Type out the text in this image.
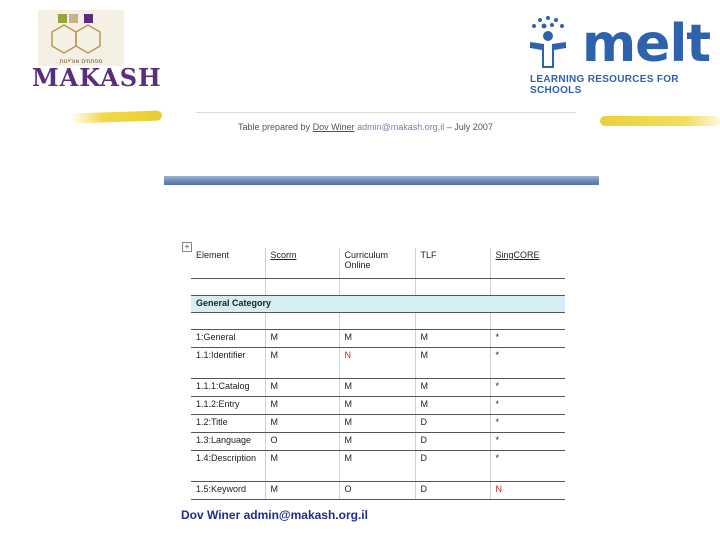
מפתחים אוריינות
MAKASH
melt
LEARNING RESOURCES FOR SCHOOLS
Table prepared by Dov Winer admin@makash.org.il – July 2007
+
Element	Scorm	Curriculum Online	TLF	SingCORE

General Category				

1:General	M	M	M	*
1.1:Identifier	M	N	M	*
1.1.1:Catalog	M	M	M	*
1.1.2:Entry	M	M	M	*
1.2:Title	M	M	D	*
1.3:Language	O	M	D	*
1.4:Description	M	M	D	*
1.5:Keyword	M	O	D	N
Dov Winer admin@makash.org.il
